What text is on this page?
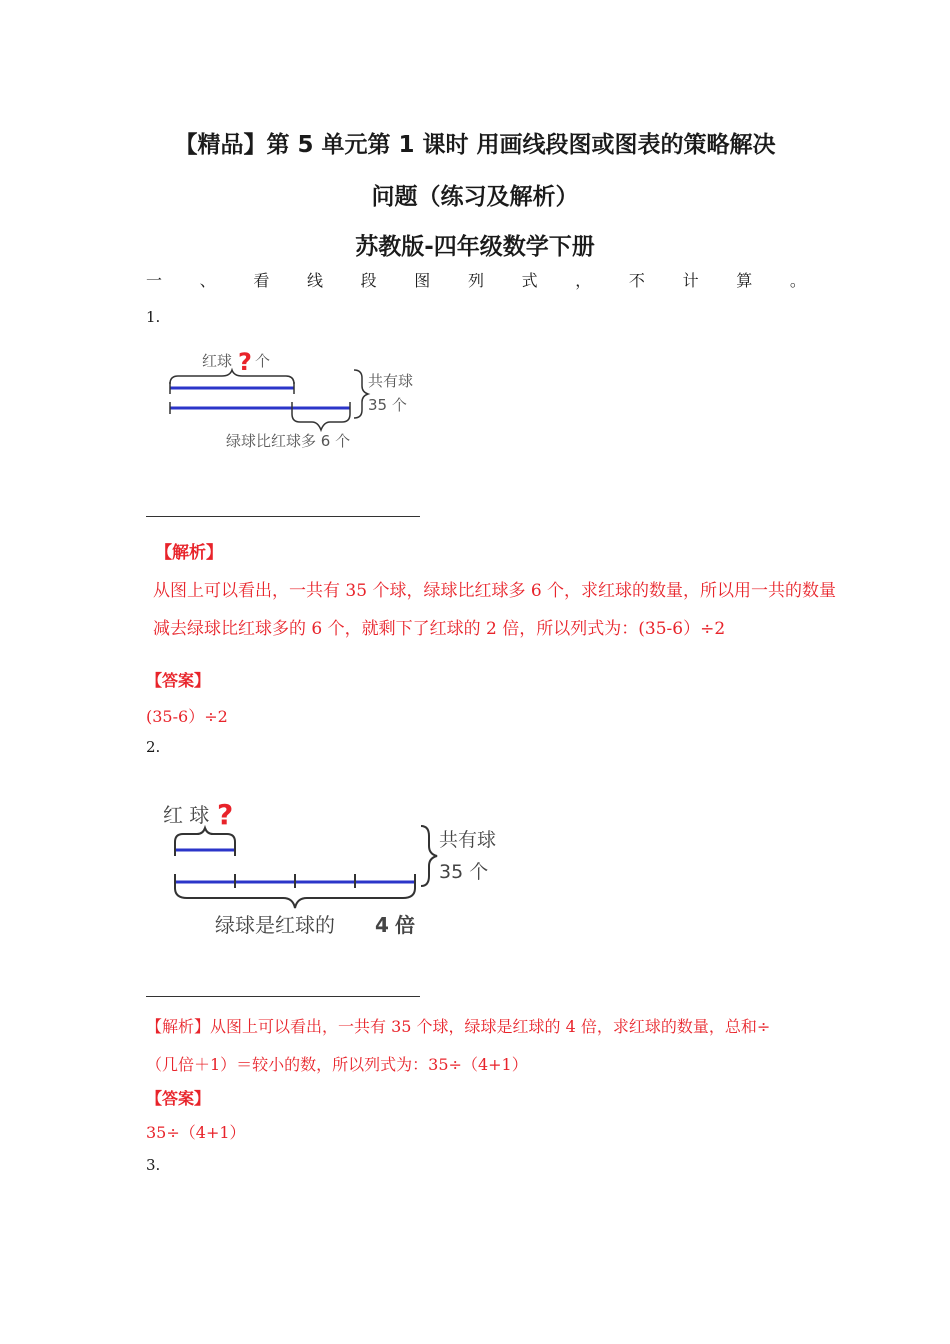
【精品】第 5 单元第 1 课时 用画线段图或图表的策略解决
问题（练习及解析）
苏教版-四年级数学下册
一 、 看 线 段 图 列 式 ， 不 计 算 。
1.
红球 ? 个
共有球
35 个
绿球比红球多 6 个
【解析】
从图上可以看出，一共有 35 个球，绿球比红球多 6 个，求红球的数量，所以用一共的数量
减去绿球比红球多的 6 个，就剩下了红球的 2 倍，所以列式为：(35-6）÷2
【答案】
(35-6）÷2
2.
红 球 ?
共有球
35 个
绿球是红球的 4 倍
【解析】从图上可以看出，一共有 35 个球，绿球是红球的 4 倍，求红球的数量，总和÷
（几倍＋1）＝较小的数，所以列式为：35÷（4+1）
【答案】
35÷（4+1）
3.
